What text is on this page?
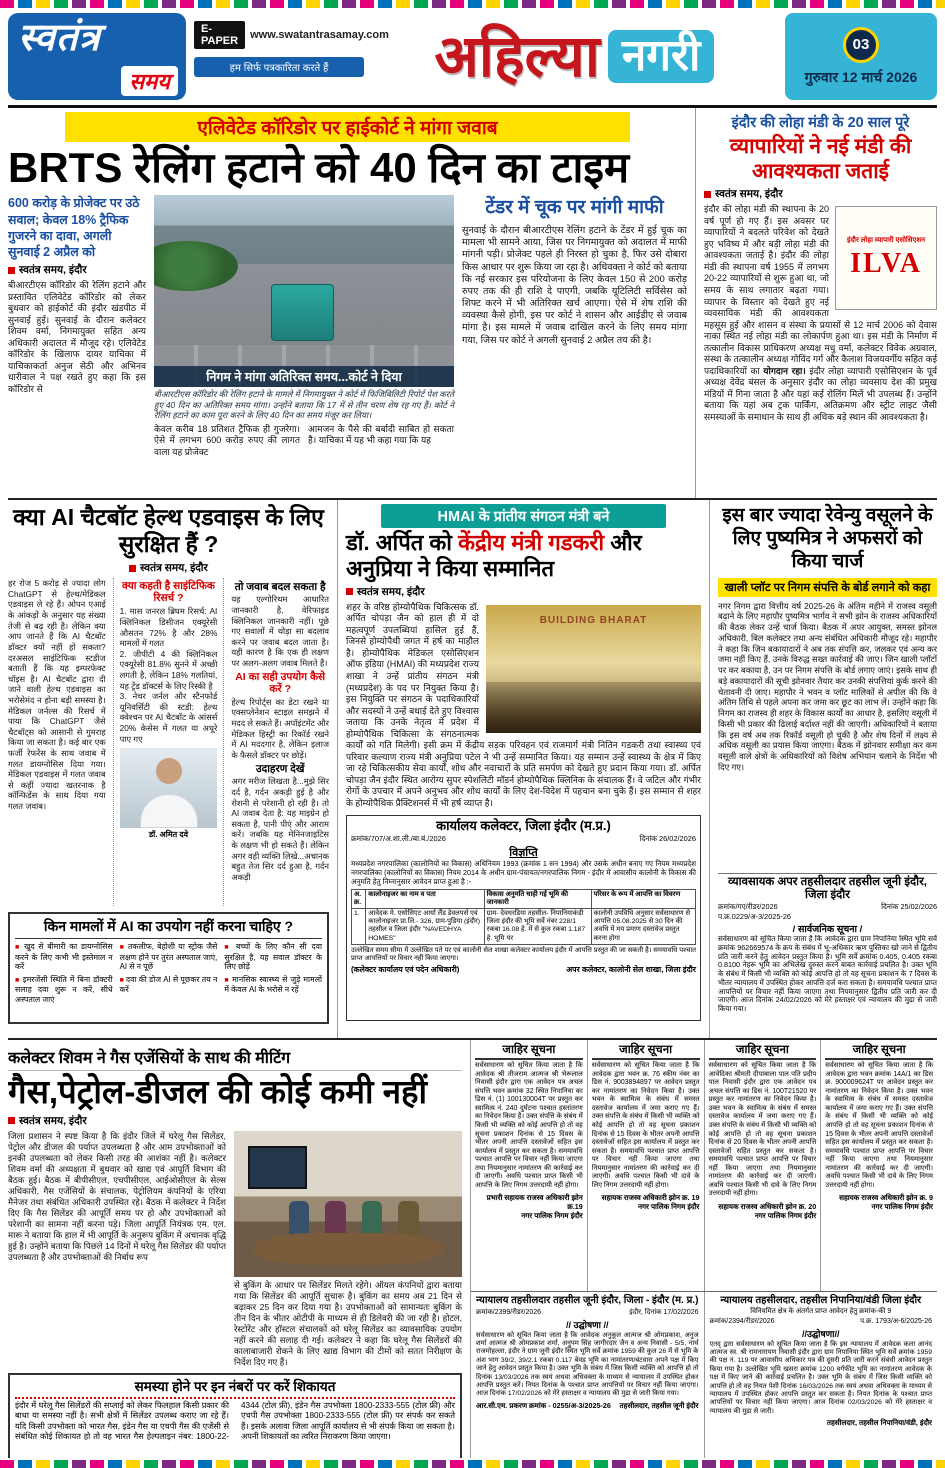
स्वतंत्र
समय
E-PAPER	www.swatantrasamay.com
हम सिर्फ पत्रकारिता करते हैं	अहिल्या नगरी	03
गुरुवार 12 मार्च 2026
एलिवेटेड कॉरिडोर पर हाईकोर्ट ने मांगा जवाब
BRTS रेलिंग हटाने को 40 दिन का टाइम

600 करोड़ के प्रोजेक्ट पर उठे सवाल; केवल 18% ट्रैफिक गुजरने का दावा, अगली सुनवाई 2 अप्रैल को

स्वतंत्र समय, इंदौर

बीआरटीएस कॉरिडोर की रेलिंग हटाने और प्रस्तावित एलिवेटेड कॉरिडोर को लेकर बुधवार को हाईकोर्ट की इंदौर खंडपीठ में सुनवाई हुई। सुनवाई के दौरान कलेक्टर शिवम वर्मा, निगमायुक्त सहित अन्य अधिकारी अदालत में मौजूद रहे। एलिवेटेड कॉरिडोर के खिलाफ दायर याचिका में याचिकाकर्ता अनुज सेठी और अभिनव धारीवाल ने पक्ष रखते हुए कहा कि इस कॉरिडोर से

निगम ने मांगा अतिरिक्त समय...कोर्ट ने दिया

बीआरटीएस कॉरिडोर की रेलिंग हटाने के मामले में निगमायुक्त ने कोर्ट में फिजिबिलिटी रिपोर्ट पेश करते हुए 40 दिन का अतिरिक्त समय मांगा। उन्होंने बताया कि 17 में से तीन चरण शेष रह गए हैं। कोर्ट ने रेलिंग हटाने का काम पूरा करने के लिए 40 दिन का समय मंजूर कर लिया।

केवल करीब 18 प्रतिशत ट्रैफिक ही गुजरेगा। ऐसे में लगभग 600 करोड़ रुपए की लागत वाला यह प्रोजेक्ट
आमजन के पैसे की बर्बादी साबित हो सकता है। याचिका में यह भी कहा गया कि यह
टेंडर में चूक पर मांगी माफी

सुनवाई के दौरान बीआरटीएस रेलिंग हटाने के टेंडर में हुई चूक का मामला भी सामने आया, जिस पर निगमायुक्त को अदालत में माफी मांगनी पड़ी। प्रोजेक्ट पहले ही निरस्त हो चुका है, फिर उसे दोबारा किस आधार पर शुरू किया जा रहा है। अधिवक्ता ने कोर्ट को बताया कि नई सरकार इस परियोजना के लिए केवल 150 से 200 करोड़ रुपए तक की ही राशि दे पाएगी, जबकि यूटिलिटी सर्विसेस को शिफ्ट करने में भी अतिरिक्त खर्च आएगा। ऐसे में शेष राशि की व्यवस्था कैसे होगी, इस पर कोर्ट ने शासन और आईडीए से जवाब मांगा है। इस मामले में जवाब दाखिल करने के लिए समय मांगा गया, जिस पर कोर्ट ने अगली सुनवाई 2 अप्रैल तय की है।

इंदौर की लोहा मंडी के 20 साल पूरे
व्यापारियों ने नई मंडी की आवश्यकता जताई
स्वतंत्र समय, इंदौर
इंदौर लोहा व्यापारी एसोसिएशन
ILVA

इंदौर की लोहा मंडी की स्थापना के 20 वर्ष पूर्ण हो गए हैं। इस अवसर पर व्यापारियों ने बदलते परिवेश को देखते हुए भविष्य में और बड़ी लोहा मंडी की आवश्यकता जताई है। इंदौर की लोहा मंडी की स्थापना वर्ष 1955 में लगभग 20-22 व्यापारियों से शुरू हुआ था, जो समय के साथ लगातार बढ़ता गया। व्यापार के विस्तार को देखते हुए नई व्यवसायिक मंडी की आवश्यकता महसूस हुई और शासन व संस्था के प्रयासों से 12 मार्च 2006 को देवास नाका स्थित नई लोहा मंडी का लोकार्पण हुआ था। इस मंडी के निर्माण में तत्कालीन विकास प्राधिकरण अध्यक्ष मधु वर्मा, कलेक्टर विवेक अग्रवाल, संस्था के तत्कालीन अध्यक्ष गोविंद गर्ग और कैलाश विजयवर्गीय सहित कई पदाधिकारियों का योगदान रहा। इंदौर लोहा व्यापारी एसोसिएशन के पूर्व अध्यक्ष देवेंद्र बंसल के अनुसार इंदौर का लोहा व्यवसाय देश की प्रमुख मंडियों में गिना जाता है और यहां कई रोलिंग मिलें भी उपलब्ध हैं। उन्होंने बताया कि यहां अब ट्रक पार्किंग, अतिक्रमण और स्ट्रीट लाइट जैसी समस्याओं के समाधान के साथ ही अधिक बड़े स्थान की आवश्यकता है।

क्या AI चैटबॉट हेल्थ एडवाइस के लिए सुरक्षित हैं ?
स्वतंत्र समय, इंदौर
हर रोज 5 करोड़ से ज्यादा लोग ChatGPT से हेल्थ/मेडिकल एडवाइस ले रहे हैं। ओपन एआई के आंकड़ों के अनुसार यह संख्या तेजी से बढ़ रही है। लेकिन क्या आप जानते हैं कि AI चैटबॉट डॉक्टर क्यों नहीं हो सकता? दरअसल साइंटिफिक स्टडीज बताती हैं कि यह इम्परफेक्ट चॉइस है। AI चैटबॉट द्वारा दी जाने वाली हेल्थ एडवाइस का भरोसेमंद न होना बड़ी समस्या है। मेडिकल जर्नल्स की रिसर्च में पाया कि ChatGPT जैसे चैटबॉट्स को आसानी से गुमराह किया जा सकता है। कई बार एक फर्जी रेफरेंस के साथ जवाब में गलत डायग्नोसिस दिया गया। मेडिकल एडवाइस में गलत जवाब से कहीं ज्यादा खतरनाक है कॉन्फिडेंस के साथ दिया गया गलत जवाब।
क्या कहती है साइंटिफिक रिसर्च ?

1. मास जनरल ब्रिघम रिसर्च: AI क्लिनिकल डिसीजन एक्यूरेसी औसतन 72% है और 28% मामलों में गलत

2. जीपीटी 4 की क्लिनिकल एक्यूरेसी 81.8% सुनने में अच्छी लगती है, लेकिन 18% गलतियां, यह ट्रेंड डॉक्टर्स के लिए रिस्की है

3. नेचर जर्नल और स्टैनफोर्ड यूनिवर्सिटी की स्टडी: हेल्थ क्वेश्चन पर AI चैटबॉट के आंसर्स 20% केसेस में गलत या अधूरे पाए गए

डॉ. अमित दवे
तो जवाब बदल सकता है

यह एल्गोरिथम आधारित जानकारी है, वेरिफाइड क्लिनिकल जानकारी नहीं। पूछे गए सवालों में थोड़ा सा बदलाव करने पर जवाब बदल जाता है। यही कारण है कि एक ही लक्षण पर अलग-अलग जवाब मिलते हैं।

AI का सही उपयोग कैसे करें ?

हेल्थ रिपोर्ट्स का डेटा रखने या एक्सप्लेनेशन स्टाइल समझने में मदद ले सकते हैं। अपॉइंटमेंट और मेडिकल हिस्ट्री का रिकॉर्ड रखने में AI मददगार है, लेकिन इलाज के फैसले डॉक्टर पर छोड़ें।

उदाहरण देखें

अगर मरीज लिखता है...मुझे सिर दर्द है, गर्दन अकड़ी हुई है और रोशनी से परेशानी हो रही है। तो AI जवाब देता है: यह माइग्रेन हो सकता है, पानी पीएं और आराम करें। जबकि यह मेनिनजाइटिस के लक्षण भी हो सकते हैं। लेकिन अगर वही व्यक्ति लिखे...अचानक बहुत तेज सिर दर्द हुआ है, गर्दन अकड़ी

किन मामलों में AI का उपयोग नहीं करना चाहिए ?

■ खुद से बीमारी का डायग्नोसिस करने के लिए कभी भी इस्तेमाल न करें

■ इमरजेंसी स्थिति में बिना डॉक्टरी सलाह दवा शुरू न करें, सीधे अस्पताल जाएं

■ तकलीफ, बेहोशी या स्ट्रोक जैसे लक्षण होने पर तुरंत अस्पताल जाएं, AI से न पूछें

■ दवा की डोज AI से पूछकर तय न करें

■ बच्चों के लिए कौन सी दवा सुरक्षित है, यह सवाल डॉक्टर के लिए छोड़ें

■ मानसिक स्वास्थ्य से जुड़े मामलों में केवल AI के भरोसे न रहें

HMAI के प्रांतीय संगठन मंत्री बने
डॉ. अर्पित को केंद्रीय मंत्री गडकरी और अनुप्रिया ने किया सम्मानित
स्वतंत्र समय, इंदौर
BUILDING BHARAT

शहर के वरिष्ठ होम्योपैथिक चिकित्सक डॉ. अर्पित चोपड़ा जैन को हाल ही में दो महत्वपूर्ण उपलब्धियां हासिल हुई हैं, जिनसे होम्योपैथी जगत में हर्ष का माहौल है। होम्योपैथिक मेडिकल एसोसिएशन ऑफ इंडिया (HMAI) की मध्यप्रदेश राज्य शाखा ने उन्हें प्रांतीय संगठन मंत्री (मध्यप्रदेश) के पद पर नियुक्त किया है। इस नियुक्ति पर संगठन के पदाधिकारियों और सदस्यों ने उन्हें बधाई देते हुए विश्वास जताया कि उनके नेतृत्व में प्रदेश में होम्योपैथिक चिकित्सा के संगठनात्मक कार्यों को गति मिलेगी। इसी क्रम में केंद्रीय सड़क परिवहन एवं राजमार्ग मंत्री नितिन गडकरी तथा स्वास्थ्य एवं परिवार कल्याण राज्य मंत्री अनुप्रिया पटेल ने भी उन्हें सम्मानित किया। यह सम्मान उन्हें स्वास्थ्य के क्षेत्र में किए जा रहे चिकित्सकीय सेवा कार्यों, शोध और नवाचारों के प्रति समर्पण को देखते हुए प्रदान किया गया। डॉ. अर्पित चोपड़ा जैन इंदौर स्थित आरोग्य सुपर स्पेशलिटी मॉडर्न होम्योपैथिक क्लिनिक के संचालक हैं। वे जटिल और गंभीर रोगों के उपचार में अपने अनुभव और शोध कार्यों के लिए देश-विदेश में पहचान बना चुके हैं। इस सम्मान से शहर के होम्योपैथिक प्रैक्टिशनर्स में भी हर्ष व्याप्त है।

कार्यालय कलेक्टर, जिला इंदौर (म.प्र.)
क्रमांक/707/अ.शा.ली./बा.बं./2026	दिनांक 26/02/2026
विज्ञप्ति

मध्यप्रदेश नगरपालिका (कालोनियों का विकास) अधिनियम 1993 (क्रमांक 1 सन 1994) और उसके अधीन बनाए गए नियम मध्यप्रदेश नगरपालिका (कालोनियों का विकास) नियम 2014 के अधीन ग्राम-पंचायत/नगरपालिक निगम - इंदौर में आवासीय कालोनी के विकास की अनुमति हेतु निम्नानुसार आवेदन प्राप्त हुआ है :-

अ. क्र.	कालोनाइजर का नाम व पता	विकास अनुमति चाही गई भूमि की जानकारी	परिसर के रूप में आपत्ति का विवरण
1.	आवेदक मे. एसोसिएट आर्या लैंड डेवलपर्स एवं कालोनाइजर प्रा.लि.- 326, ग्राम-पुडिया (इंदौर) तहसील व जिला इंदौर "NAVEDHYA HOMES"	ग्राम- देवधरडिया तहसील- निपानियाकंडी जिला इंदौर की भूमि सर्वे नंबर 228/1 रकबा 16.08 हे. में से कुल रकबा 1.187 हे. भूमि पर	कालोनी उपविधि अनुसार सर्वसाधारण से आपत्ति 05.08.2025 से 30 दिन की अवधि में मय प्रमाण दस्तावेज प्रस्तुत करना होगा

उल्लेखित समय सीमा में उल्लेखित पते पर एवं कालोनी सेल शाखा कलेक्टर कार्यालय इंदौर में आपत्ति प्रस्तुत की जा सकती है। समयावधि पश्चात प्राप्त आपत्तियों पर विचार नहीं किया जाएगा।

(कलेक्टर कार्यालय एवं पदेन अधिकारी)	अपर कलेक्टर, कालोनी सेल शाखा, जिला इंदौर
इस बार ज्यादा रेवेन्यु वसूलने के लिए पुष्यमित्र ने अफसरों को किया चार्ज
खाली प्लॉट पर निगम संपत्ति के बोर्ड लगाने को कहा

नगर निगम द्वारा वित्तीय वर्ष 2025-26 के अंतिम महीने में राजस्व वसूली बढ़ाने के लिए महापौर पुष्यमित्र भार्गव ने सभी झोन के राजस्व अधिकारियों की बैठक लेकर उन्हें चार्ज किया। बैठक में अपर आयुक्त, समस्त झोनल अधिकारी, बिल कलेक्टर तथा अन्य संबंधित अधिकारी मौजूद रहे। महापौर ने कहा कि जिन बकायादारों ने अब तक संपत्ति कर, जलकर एवं अन्य कर जमा नहीं किए हैं, उनके विरुद्ध सख्त कार्रवाई की जाए। जिन खाली प्लॉटों पर कर बकाया है, उन पर निगम संपत्ति के बोर्ड लगाए जाएं। इसके साथ ही बड़े बकायादारों की सूची झोनवार तैयार कर उनकी संपत्तियां कुर्क करने की चेतावनी दी जाए। महापौर ने भवन व प्लॉट मालिकों से अपील की कि वे अंतिम तिथि से पहले अपना कर जमा कर छूट का लाभ लें। उन्होंने कहा कि निगम का राजस्व ही शहर के विकास कार्यों का आधार है, इसलिए वसूली में किसी भी प्रकार की ढिलाई बर्दाश्त नहीं की जाएगी। अधिकारियों ने बताया कि इस वर्ष अब तक रिकॉर्ड वसूली हो चुकी है और शेष दिनों में लक्ष्य से अधिक वसूली का प्रयास किया जाएगा। बैठक में झोनवार समीक्षा कर कम वसूली वाले क्षेत्रों के अधिकारियों को विशेष अभियान चलाने के निर्देश भी दिए गए।

व्यावसायक अपर तहसीलदार तहसील जूनी इंदौर, जिला इंदौर
क्रमांक/गए/रीडर/2026	दिनांक 25/02/2026
प.क्र.0229/अ-3/2025-26
/ सार्वजनिक सूचना /

सर्वसाधारण को सूचित किया जाता है कि आवेदक द्वारा ग्राम निपानिया स्थित भूमि सर्वे क्रमांक 962669574 के क्रय के संबंध में भू-अधिकार ऋण पुस्तिका खो जाने से द्वितीय प्रति जारी करने हेतु आवेदन प्रस्तुत किया है। भूमि सर्वे क्रमांक 0.405, 0.405 रकबा 0.8100 नेहरू भूमि का अभिलेख दुरुस्त करने बाबत कार्रवाई प्रचलित है। उक्त भूमि के संबंध में किसी भी व्यक्ति को कोई आपत्ति हो तो वह सूचना प्रकाशन के 7 दिवस के भीतर न्यायालय में उपस्थित होकर आपत्ति दर्ज करा सकता है। समयावधि पश्चात प्राप्त आपत्तियों पर विचार नहीं किया जाएगा तथा नियमानुसार द्वितीय प्रति जारी कर दी जाएगी। आज दिनांक 24/02/2026 को मेरे हस्ताक्षर एवं न्यायालय की मुद्रा से जारी किया गया।

कलेक्टर शिवम ने गैस एजेंसियों के साथ की मीटिंग
गैस,पेट्रोल-डीजल की कोई कमी नहीं
स्वतंत्र समय, इंदौर
जिला प्रशासन ने स्पष्ट किया है कि इंदौर जिले में घरेलू गैस सिलेंडर, पेट्रोल और डीजल की पर्याप्त उपलब्धता है और आम उपभोक्ताओं को इनकी उपलब्धता को लेकर किसी तरह की आशंका नहीं है। कलेक्टर शिवम वर्मा की अध्यक्षता में बुधवार को खाद्य एवं आपूर्ति विभाग की बैठक हुई। बैठक में बीपीसीएल, एचपीसीएल, आईओसीएल के सेल्स अधिकारी, गैस एजेंसियों के संचालक, पेट्रोलियम कंपनियों के एरिया मैनेजर तथा संबंधित अधिकारी उपस्थित रहे। बैठक में कलेक्टर ने निर्देश दिए कि गैस सिलेंडर की आपूर्ति समय पर हो और उपभोक्ताओं को परेशानी का सामना नहीं करना पड़े। जिला आपूर्ति नियंत्रक एम. एल. मारू ने बताया कि हाल में भी आपूर्ति के अनुरूप बुकिंग में अचानक वृद्धि हुई है। उन्होंने बताया कि पिछले 14 दिनों में घरेलू गैस सिलेंडर की पर्याप्त उपलब्धता है और उपभोक्ताओं की निर्बाध रूप
से बुकिंग के आधार पर सिलेंडर मिलते रहेंगे। ऑयल कंपनियों द्वारा बताया गया कि सिलेंडर की आपूर्ति सुचारू है। बुकिंग का समय अब 21 दिन से बढ़ाकर 25 दिन कर दिया गया है। उपभोक्ताओं को सामान्यतः बुकिंग के तीन दिन के भीतर ओटीपी के माध्यम से ही डिलेवरी की जा रही है। होटल, रेस्टोरेंट और हॉस्टल संचालकों को घरेलू सिलेंडर का व्यावसायिक उपयोग नहीं करने की सलाह दी गई। कलेक्टर ने कहा कि घरेलू गैस सिलेंडरों की कालाबाजारी रोकने के लिए खाद्य विभाग की टीमों को सतत निरीक्षण के निर्देश दिए गए हैं।
समस्या होने पर इन नंबरों पर करें शिकायत

इंदौर में घरेलू गैस सिलेंडरों की सप्लाई को लेकर फिलहाल किसी प्रकार की बाधा या समस्या नहीं है। सभी क्षेत्रों में सिलेंडर उपलब्ध कराए जा रहे हैं। यदि किसी उपभोक्ता को भारत गैस, इंडेन गैस या एचपी गैस की एजेंसी से संबंधित कोई शिकायत हो तो वह भारत गैस हेल्पलाइन नंबर: 1800-22-4344 (टोल फ्री), इंडेन गैस उपभोक्ता 1800-2333-555 (टोल फ्री) और एचपी गैस उपभोक्ता 1800-2333-555 (टोल फ्री) पर संपर्क कर सकते हैं। इसके अलावा जिला आपूर्ति कार्यालय से भी संपर्क किया जा सकता है। अपनी शिकायतों का त्वरित निराकरण किया जाएगा।

जाहिर सूचना

सर्वसाधारण को सूचित किया जाता है कि आवेदक श्री तीजराम आत्मज श्री भेरूलाल निवासी इंदौर द्वारा एक आवेदन पत्र अचल संपत्ति भवन क्रमांक 32 स्थित निपानिया का डिस नं. (1) 100130004T पर प्रस्तुत कर स्वामित्व नं. 240 दुर्घटना पश्चात हस्तांतरण का निवेदन किया है। उक्त संपत्ति के संबंध में किसी भी व्यक्ति को कोई आपत्ति हो तो वह सूचना प्रकाशन दिनांक से 15 दिवस के भीतर अपनी आपत्ति दस्तावेजों सहित इस कार्यालय में प्रस्तुत कर सकता है। समयावधि पश्चात आपत्ति पर विचार नहीं किया जाएगा तथा नियमानुसार नामांतरण की कार्रवाई कर दी जाएगी। अवधि पश्चात प्राप्त किसी भी आपत्ति के लिए निगम उत्तरदायी नहीं होगा।

प्रभारी सहायक राजस्व अधिकारी झोन क्र.19
नगर पालिक निगम इंदौर
जाहिर सूचना

सर्वसाधारण को सूचित किया जाता है कि आवेदक द्वारा भवन क्र. 76 स्कीम नंबर का डिस नं. 9003894897 पर आवेदन प्रस्तुत कर नामांतरण का निवेदन किया है। उक्त भवन के स्वामित्व के संबंध में समस्त दस्तावेज कार्यालय में जमा कराए गए हैं। उक्त संपत्ति के संबंध में किसी भी व्यक्ति को कोई आपत्ति हो तो वह सूचना प्रकाशन दिनांक से 15 दिवस के भीतर अपनी आपत्ति दस्तावेजों सहित इस कार्यालय में प्रस्तुत कर सकता है। समयावधि पश्चात प्राप्त आपत्ति पर विचार नहीं किया जाएगा तथा नियमानुसार नामांतरण की कार्रवाई कर दी जाएगी। अवधि पश्चात किसी भी दावे के लिए निगम उत्तरदायी नहीं होगा।

सहायक राजस्व अधिकारी झोन क्र. 19
नगर पालिक निगम इंदौर
जाहिर सूचना

सर्वसाधारण को सूचित किया जाता है कि आवेदिका श्रीमती दीपाबाला पाल पति प्रदीप पाल निवासी इंदौर द्वारा एक आवेदन पत्र अचल संपत्ति का डिस नं. 100T21520 पर प्रस्तुत कर नामांतरण का निवेदन किया है। उक्त भवन के स्वामित्व के संबंध में समस्त दस्तावेज कार्यालय में जमा कराए गए हैं। उक्त संपत्ति के संबंध में किसी भी व्यक्ति को कोई आपत्ति हो तो वह सूचना प्रकाशन दिनांक से 20 दिवस के भीतर अपनी आपत्ति दस्तावेजों सहित प्रस्तुत कर सकता है। समयावधि पश्चात प्राप्त आपत्ति पर विचार नहीं किया जाएगा तथा नियमानुसार नामांतरण की कार्रवाई कर दी जाएगी। अवधि पश्चात किसी भी दावे के लिए निगम उत्तरदायी नहीं होगा।

सहायक राजस्व अधिकारी झोन क्र. 20
नगर पालिक निगम इंदौर
जाहिर सूचना

सर्वसाधारण को सूचित किया जाता है कि आवेदक द्वारा भवन क्रमांक 14A/1 का डिस क्र. 900009624T पर आवेदन प्रस्तुत कर नामांतरण का निवेदन किया है। उक्त भवन के स्वामित्व के संबंध में समस्त दस्तावेज कार्यालय में जमा कराए गए हैं। उक्त संपत्ति के संबंध में किसी भी व्यक्ति को कोई आपत्ति हो तो वह सूचना प्रकाशन दिनांक से 15 दिवस के भीतर अपनी आपत्ति दस्तावेजों सहित इस कार्यालय में प्रस्तुत कर सकता है। समयावधि पश्चात प्राप्त आपत्ति पर विचार नहीं किया जाएगा तथा नियमानुसार नामांतरण की कार्रवाई कर दी जाएगी। अवधि पश्चात किसी भी दावे के लिए निगम उत्तरदायी नहीं होगा।

सहायक राजस्व अधिकारी झोन क्र. 9
नगर पालिक निगम इंदौर
न्यायालय तहसीलदार तहसील जूनी इंदौर, जिला - इंदौर (म. प्र.)
क्रमांक/2399/रीडर/2026	इंदौर, दिनांक 17/02/2026
// उद्घोषणा //

सर्वसाधारण को सूचित किया जाता है कि आवेदक अनुकूल आत्मज श्री ओमप्रकाश, अनुज शर्मा आत्मज श्री ओमप्रकाश शर्मा, अनुपम सिंह जागीरदार जैन व अन्य निवासी - 5/5, नार्थ राजमोहल्ला, इंदौर ने ग्राम जूनी इंदौर स्थित भूमि सर्वे क्रमांक 1959 की कुल 26 में से भूमि के अंश भाग 39/2, 39/2.1 रकबा 0.117 बेवड़ भूमि का नामांतरण/बंटवारा अपने पक्ष में किए जाने हेतु आवेदन प्रस्तुत किया है। उक्त भूमि के संबंध में जिस किसी व्यक्ति को आपत्ति हो तो दिनांक 13/03/2026 तक स्वयं अथवा अधिवक्ता के माध्यम से न्यायालय में उपस्थित होकर आपत्ति प्रस्तुत करें। नियत दिनांक के पश्चात प्राप्त आपत्तियों पर विचार नहीं किया जाएगा। आज दिनांक 17/02/2026 को मेरे हस्ताक्षर व न्यायालय की मुद्रा से जारी किया गया।

आर.सी.एम. प्रकरण क्रमांक - 0255/अ-3/2025-26 तहसीलदार, तहसील जूनी इंदौर
न्यायालय तहसीलदार, तहसील निपानिया/वंडी जिला इंदौर
विनियमित क्षेत्र के अंतर्गत प्राप्त आवेदन हेतु क्रमांक-की 9
क्रमांक/2394/रीडर/2026	प.क्र. 1793/अ-6/2025-26
//उद्घोषणा//

एतद् द्वारा सर्वसाधारण को सूचित किया जाता है कि इस न्यायालय में आवेदक कला आनंद आत्मज स्व. श्री रामनारायण निवासी इंदौर द्वारा ग्राम निपानिया स्थित भूमि सर्वे क्रमांक 1959 की पक्ष नं. 119 पर आवासीय अधिकार पत्र की दूसरी प्रति जारी करने संबंधी आवेदन प्रस्तुत किया गया है। उल्लेखित भूमि खसरा क्रमांक 1200 वर्गफीट भूमि का नामांतरण आवेदक के पक्ष में किए जाने की कार्रवाई प्रचलित है। उक्त भूमि के संबंध में जिस किसी व्यक्ति को आपत्ति हो तो वह नियत पेशी दिनांक 16/03/2026 तक स्वयं अथवा अधिवक्ता के माध्यम से न्यायालय में उपस्थित होकर आपत्ति प्रस्तुत कर सकता है। नियत दिनांक के पश्चात प्राप्त आपत्तियों पर विचार नहीं किया जाएगा। आज दिनांक 02/03/2026 को मेरे हस्ताक्षर व न्यायालय की मुद्रा से जारी।

तहसीलदार, तहसील निपानिया/वंडी, इंदौर
